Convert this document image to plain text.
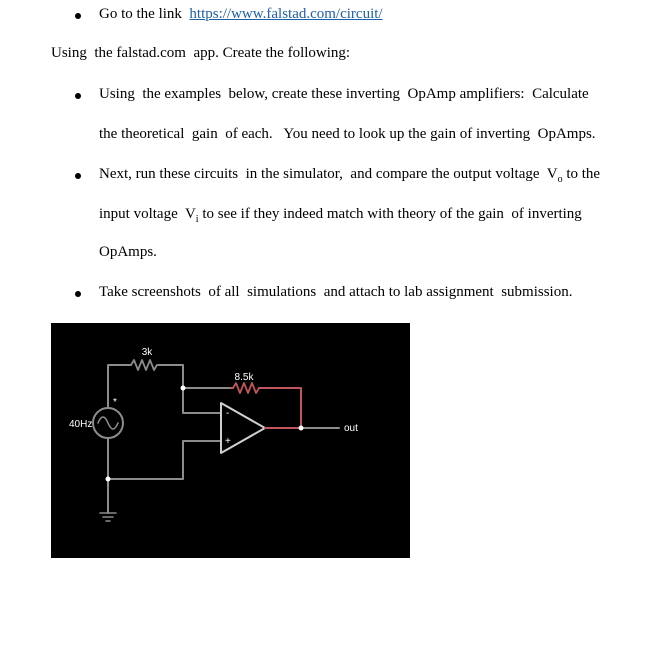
Go to the link https://www.falstad.com/circuit/
Using  the falstad.com  app. Create the following:
Using  the examples  below, create these inverting  OpAmp amplifiers:  Calculate
the theoretical  gain  of each.   You need to look up the gain of inverting  OpAmps.
Next, run these circuits  in the simulator,  and compare the output voltage  $V_o$ to the
input voltage  $V_i$ to see if they indeed match with theory of the gain  of inverting
OpAmps.
Take screenshots  of all  simulations  and attach to lab assignment  submission.
3k
8.5k
40Hz
*
out
-
+
